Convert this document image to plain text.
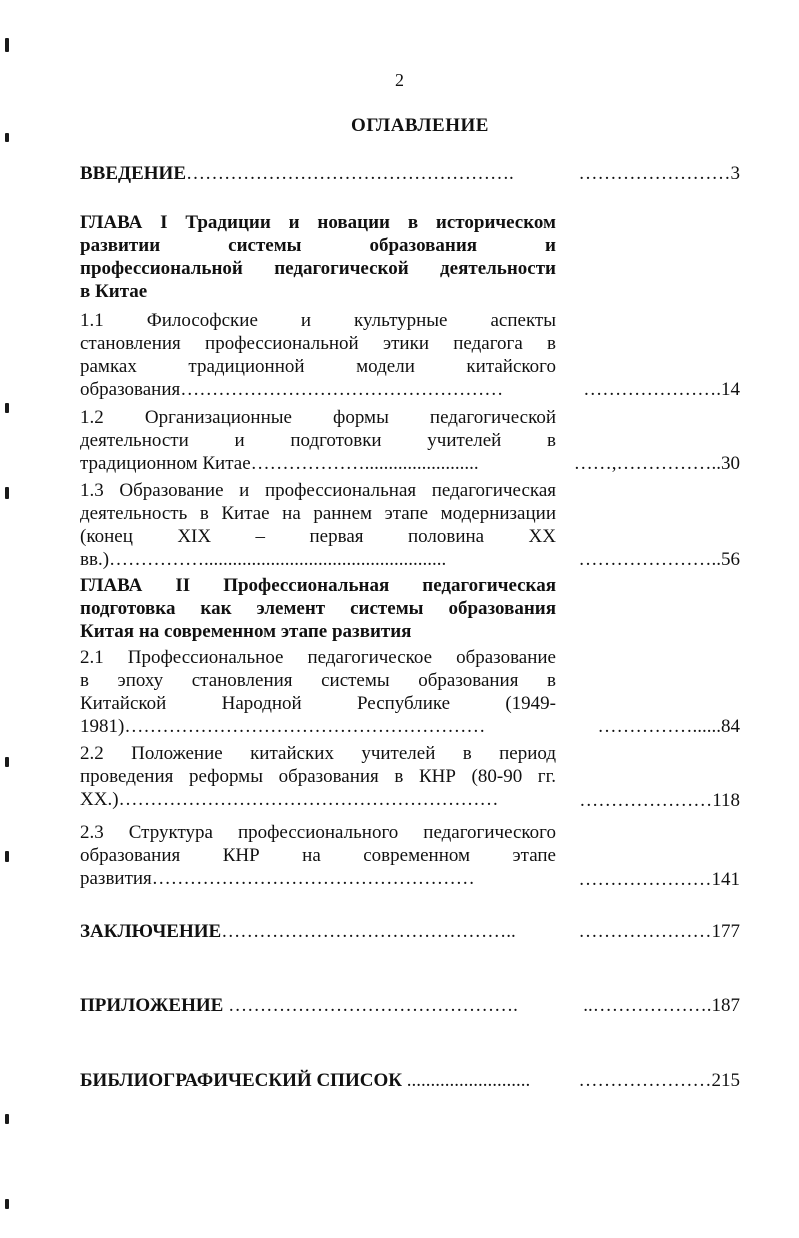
2
ОГЛАВЛЕНИЕ
ВВЕДЕНИЕ…………………………………………….	……………………3
ГЛАВА I Традиции и новации в историческом
развитии системы образования и
профессиональной педагогической деятельности
в Китае
1.1 Философские и культурные аспекты
становления профессиональной этики педагога в
рамках традиционной модели китайского
образования……………………………………………	………………….14
1.2 Организационные формы педагогической
деятельности и подготовки учителей в
традиционном Китае………………........................	……,……………..30
1.3 Образование и профессиональная педагогическая
деятельность в Китае на раннем этапе модернизации
(конец XIX – первая половина XX
вв.)……………...................................................	…………………..56
ГЛАВА II Профессиональная педагогическая
подготовка как элемент системы образования
Китая на современном этапе развития
2.1 Профессиональное педагогическое образование
в эпоху становления системы образования в
Китайской Народной Республике (1949-
1981)…………………………………………………	……………......84
2.2 Положение китайских учителей в период
проведения реформы образования в КНР (80-90 гг.
XX.)……………………………………………………	…………………118
2.3 Структура профессионального педагогического
образования КНР на современном этапе
развития……………………………………………	…………………141
ЗАКЛЮЧЕНИЕ………………………………………..	…………………177
ПРИЛОЖЕНИЕ ……………………………………….	..……………….187
БИБЛИОГРАФИЧЕСКИЙ СПИСОК ..........................	…………………215
